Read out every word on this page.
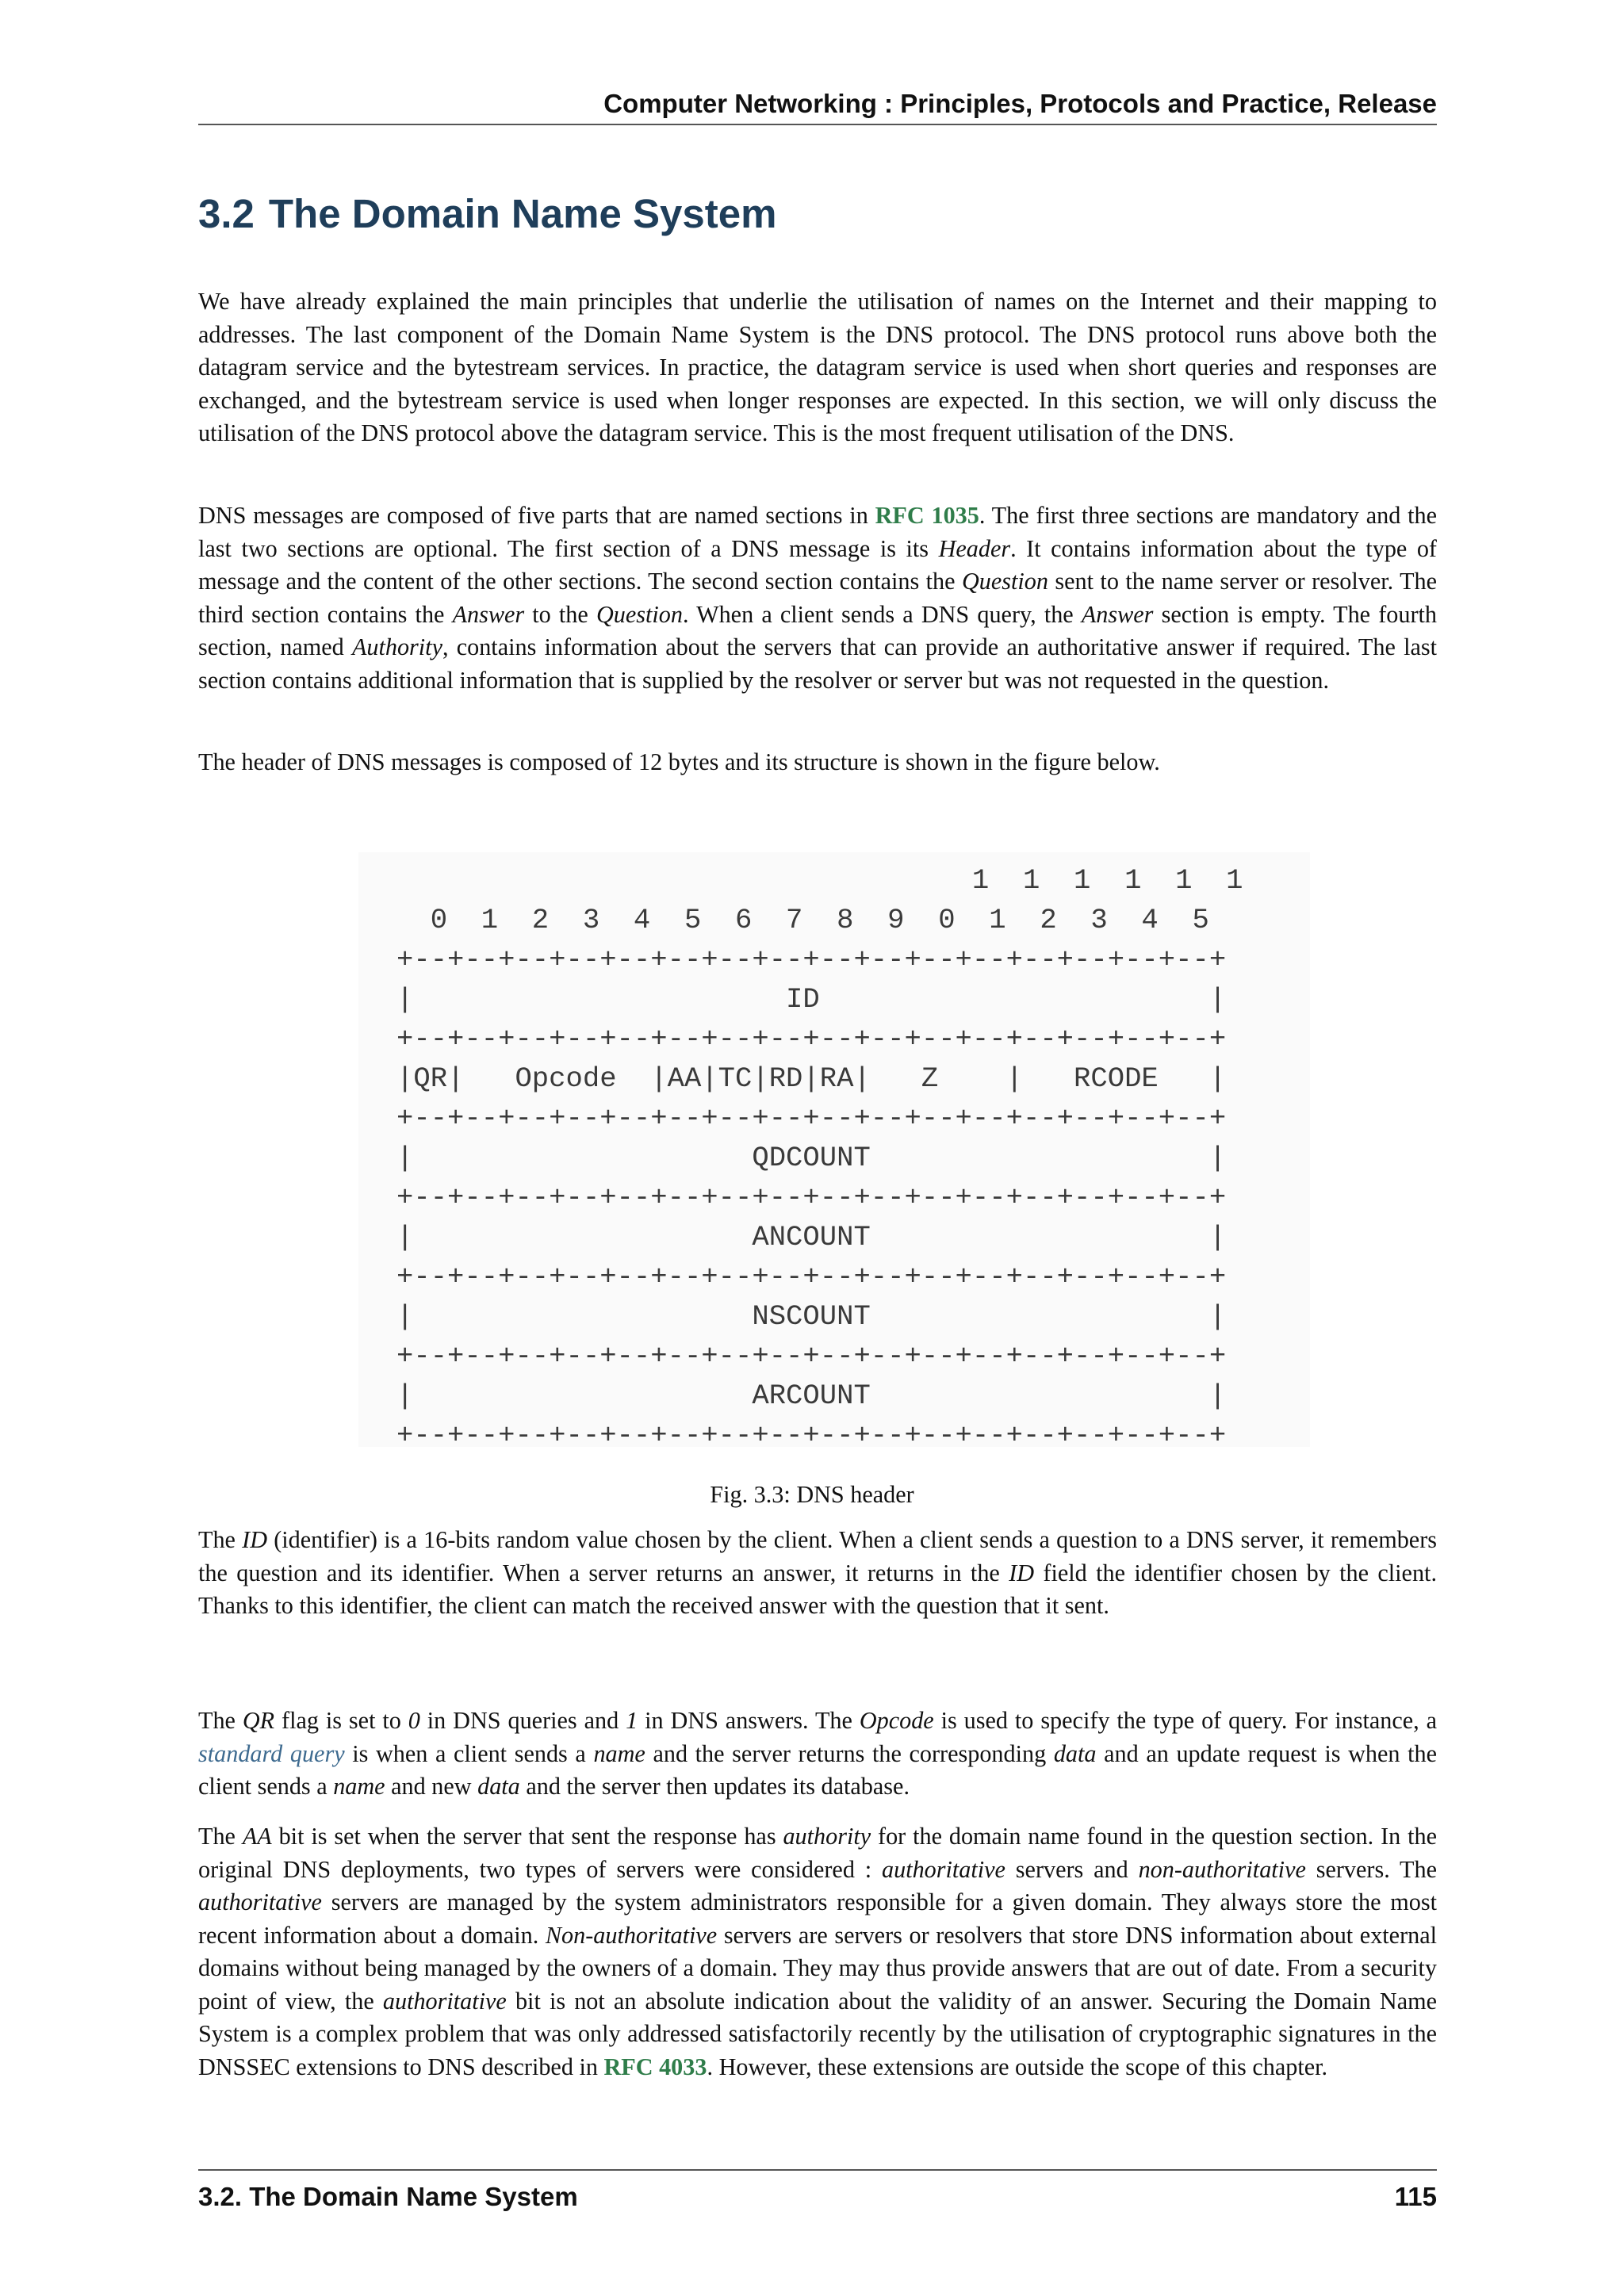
Computer Networking : Principles, Protocols and Practice, Release
3.2 The Domain Name System

We have already explained the main principles that underlie the utilisation of names on the Internet and their mapping to addresses. The last component of the Domain Name System is the DNS protocol. The DNS protocol runs above both the datagram service and the bytestream services. In practice, the datagram service is used when short queries and responses are exchanged, and the bytestream service is used when longer responses are expected. In this section, we will only discuss the utilisation of the DNS protocol above the datagram service. This is the most frequent utilisation of the DNS.

DNS messages are composed of five parts that are named sections in RFC 1035. The first three sections are mandatory and the last two sections are optional. The first section of a DNS message is its Header. It contains information about the type of message and the content of the other sections. The second section contains the Question sent to the name server or resolver. The third section contains the Answer to the Question. When a client sends a DNS query, the Answer section is empty. The fourth section, named Authority, contains information about the servers that can provide an authoritative answer if required. The last section contains additional information that is supplied by the resolver or server but was not requested in the question.

The header of DNS messages is composed of 12 bytes and its structure is shown in the figure below.

1  1  1  1  1  1
0  1  2  3  4  5  6  7  8  9  0  1  2  3  4  5
+--+--+--+--+--+--+--+--+--+--+--+--+--+--+--+--+
|                      ID                       |
+--+--+--+--+--+--+--+--+--+--+--+--+--+--+--+--+
|QR|   Opcode  |AA|TC|RD|RA|   Z    |   RCODE   |
+--+--+--+--+--+--+--+--+--+--+--+--+--+--+--+--+
|                    QDCOUNT                    |
+--+--+--+--+--+--+--+--+--+--+--+--+--+--+--+--+
|                    ANCOUNT                    |
+--+--+--+--+--+--+--+--+--+--+--+--+--+--+--+--+
|                    NSCOUNT                    |
+--+--+--+--+--+--+--+--+--+--+--+--+--+--+--+--+
|                    ARCOUNT                    |
+--+--+--+--+--+--+--+--+--+--+--+--+--+--+--+--+
Fig. 3.3: DNS header

The ID (identifier) is a 16-bits random value chosen by the client. When a client sends a question to a DNS server, it remembers the question and its identifier. When a server returns an answer, it returns in the ID field the identifier chosen by the client. Thanks to this identifier, the client can match the received answer with the question that it sent.

The QR flag is set to 0 in DNS queries and 1 in DNS answers. The Opcode is used to specify the type of query. For instance, a standard query is when a client sends a name and the server returns the corresponding data and an update request is when the client sends a name and new data and the server then updates its database.

The AA bit is set when the server that sent the response has authority for the domain name found in the question section. In the original DNS deployments, two types of servers were considered : authoritative servers and non-authoritative servers. The authoritative servers are managed by the system administrators responsible for a given domain. They always store the most recent information about a domain. Non-authoritative servers are servers or resolvers that store DNS information about external domains without being managed by the owners of a domain. They may thus provide answers that are out of date. From a security point of view, the authoritative bit is not an absolute indication about the validity of an answer. Securing the Domain Name System is a complex problem that was only addressed satisfactorily recently by the utilisation of cryptographic signatures in the DNSSEC extensions to DNS described in RFC 4033. However, these extensions are outside the scope of this chapter.

3.2. The Domain Name System	115
